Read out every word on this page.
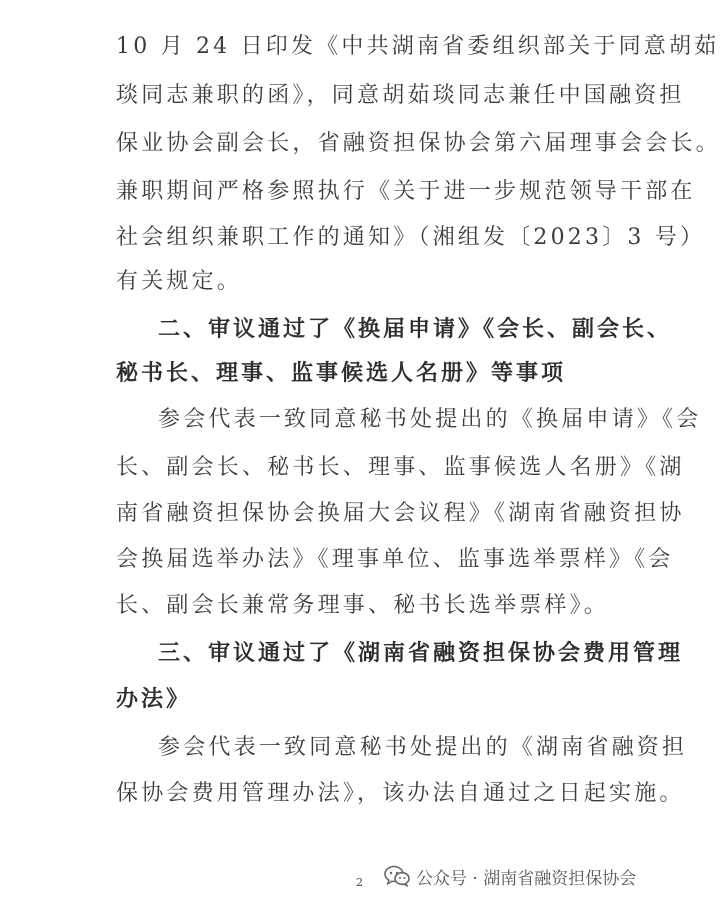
10 月 24 日印发《中共湖南省委组织部关于同意胡茹
琰同志兼职的函》，同意胡茹琰同志兼任中国融资担
保业协会副会长，省融资担保协会第六届理事会会长。
兼职期间严格参照执行《关于进一步规范领导干部在
社会组织兼职工作的通知》（湘组发〔2023〕3 号）
有关规定。
二、审议通过了《换届申请》《会长、副会长、
秘书长、理事、监事候选人名册》等事项
参会代表一致同意秘书处提出的《换届申请》《会
长、副会长、秘书长、理事、监事候选人名册》《湖
南省融资担保协会换届大会议程》《湖南省融资担协
会换届选举办法》《理事单位、监事选举票样》《会
长、副会长兼常务理事、秘书长选举票样》。
三、审议通过了《湖南省融资担保协会费用管理
办法》
参会代表一致同意秘书处提出的《湖南省融资担
保协会费用管理办法》，该办法自通过之日起实施。
2	公众号 · 湖南省融资担保协会
